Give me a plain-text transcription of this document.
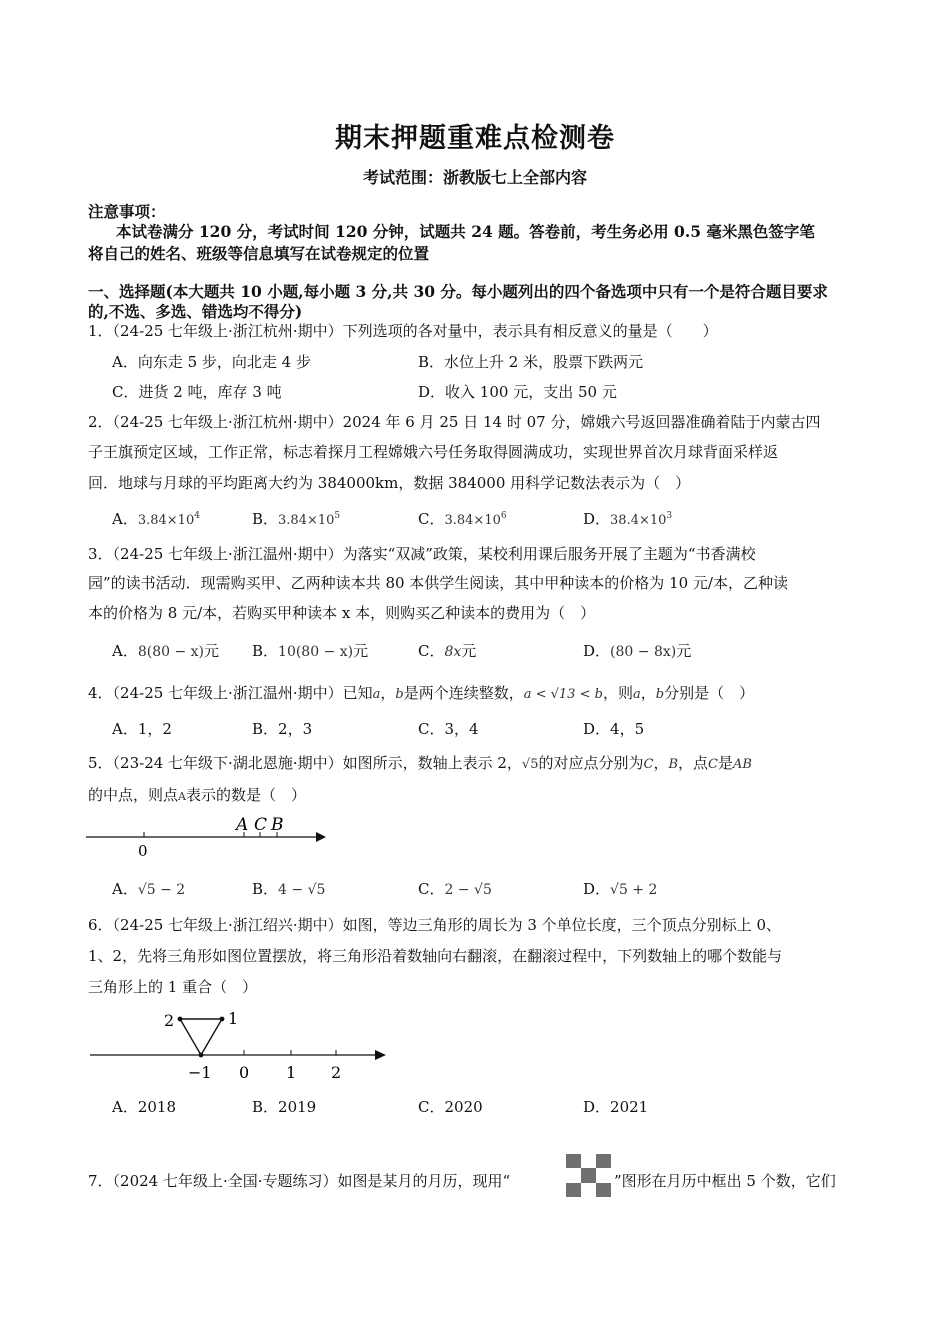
期末押题重难点检测卷
考试范围：浙教版七上全部内容
注意事项：
本试卷满分 120 分，考试时间 120 分钟，试题共 24 题。答卷前，考生务必用 0.5 毫米黑色签字笔
将自己的姓名、班级等信息填写在试卷规定的位置
一、选择题(本大题共 10 小题,每小题 3 分,共 30 分。每小题列出的四个备选项中只有一个是符合题目要求
的,不选、多选、错选均不得分)
1．（24-25 七年级上·浙江杭州·期中）下列选项的各对量中，表示具有相反意义的量是（　　）
A．向东走 5 步，向北走 4 步	B．水位上升 2 米，股票下跌两元
C．进货 2 吨，库存 3 吨	D．收入 100 元，支出 50 元
2．（24-25 七年级上·浙江杭州·期中）2024 年 6 月 25 日 14 时 07 分，嫦娥六号返回器准确着陆于内蒙古四
子王旗预定区域，工作正常，标志着探月工程嫦娥六号任务取得圆满成功，实现世界首次月球背面采样返
回．地球与月球的平均距离大约为 384000km，数据 384000 用科学记数法表示为（　）
A．$3.84\times 10^4$	B．$3.84\times 10^5$	C．$3.84\times 10^6$	D．$38.4\times 10^3$
3．（24-25 七年级上·浙江温州·期中）为落实“双减”政策，某校利用课后服务开展了主题为“书香满校
园”的读书活动．现需购买甲、乙两种读本共 80 本供学生阅读，其中甲种读本的价格为 10 元/本，乙种读
本的价格为 8 元/本，若购买甲种读本 x 本，则购买乙种读本的费用为（　）
A．8(80 − x)元 B．10(80 − x)元	C．8x元	D．(80 − 8x)元
4．（24-25 七年级上·浙江温州·期中）已知a，b是两个连续整数，a < √13 < b，则a，b分别是（　）
A．1，2	B．2，3	C．3，4	D．4，5
5．（23-24 七年级下·湖北恩施·期中）如图所示，数轴上表示 2，√5的对应点分别为C，B，点C是AB
的中点，则点A表示的数是（　）
0
A C B
A．√5 − 2	B．4 − √5	C．2 − √5	D．√5 + 2
6．（24-25 七年级上·浙江绍兴·期中）如图，等边三角形的周长为 3 个单位长度，三个顶点分别标上 0、
1、2，先将三角形如图位置摆放，将三角形沿着数轴向右翻滚，在翻滚过程中，下列数轴上的哪个数能与
三角形上的 1 重合（　）
2	1
−1 0 1 2
A．2018	B．2019	C．2020	D．2021
7．（2024 七年级上·全国·专题练习）如图是某月的月历，现用“	”图形在月历中框出 5 个数，它们
